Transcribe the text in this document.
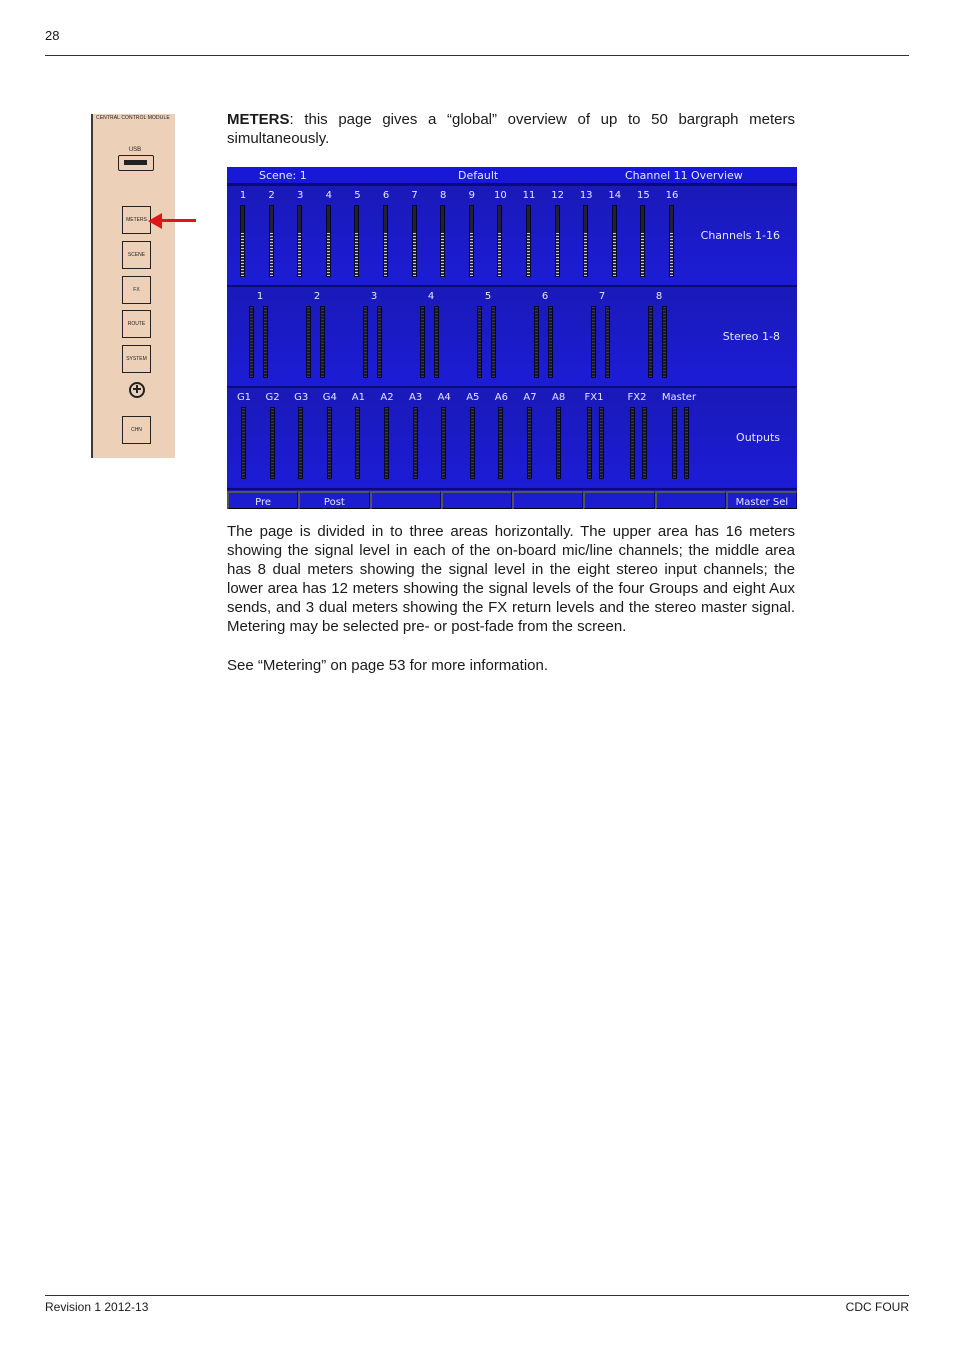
28
CENTRAL CONTROL MODULE
USB
METERS
SCENE
FX
ROUTE
SYSTEM
CHN
METERS: this page gives a “global” overview of up to 50 bargraph meters simultaneously.
Scene: 1	Default	Channel 11 Overview
Channels 1-16
1 2 3 4 5 6 7 8 9 10 11 12 13 14 15 16
Stereo 1-8
1	2	3	4	5	6	7	8
Outputs
G1 G2 G3 G4 A1 A2 A3 A4 A5 A6 A7 A8 FX1 FX2 Master
Pre	Post	Master Sel
The page is divided in to three areas horizontally. The upper area has 16 meters showing the signal level in each of the on-board mic/line channels; the middle area has 8 dual meters showing the signal level in the eight stereo input channels; the lower area has 12 meters showing the signal levels of the four Groups and eight Aux sends, and 3 dual meters showing the FX return levels and the stereo master signal. Metering may be selected pre- or post-fade from the screen.
See “Metering” on page 53 for more information.
Revision 1 2012-13	CDC FOUR
